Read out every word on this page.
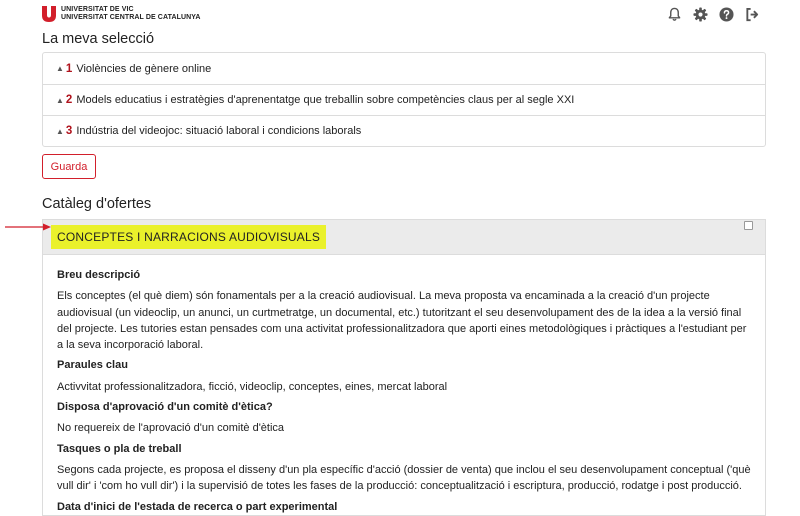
UNIVERSITAT DE VIC
UNIVERSITAT CENTRAL DE CATALUNYA
La meva selecció
▲︎ 1 Violències de gènere online
▲︎ 2 Models educatius i estratègies d'aprenentatge que treballin sobre competències claus per al segle XXI
▲︎ 3 Indústria del videojoc: situació laboral i condicions laborals
Guarda
Catàleg d'ofertes
CONCEPTES I NARRACIONS AUDIOVISUALS
Breu descripció

Els conceptes (el què diem) són fonamentals per a la creació audiovisual. La meva proposta va encaminada a la creació d'un projecte audiovisual (un videoclip, un anunci, un curtmetratge, un documental, etc.) tutoritzant el seu desenvolupament des de la idea a la versió final del projecte. Les tutories estan pensades com una activitat professionalitzadora que aporti eines metodològiques i pràctiques a l'estudiant per a la seva incorporació laboral.

Paraules clau

Activvitat professionalitzadora, ficció, videoclip, conceptes, eines, mercat laboral

Disposa d'aprovació d'un comitè d'ètica?

No requereix de l'aprovació d'un comitè d'ètica

Tasques o pla de treball

Segons cada projecte, es proposa el disseny d'un pla específic d'acció (dossier de venta) que inclou el seu desenvolupament conceptual ('què vull dir' i 'com ho vull dir') i la supervisió de totes les fases de la producció: conceptualització i escriptura, producció, rodatge i post producció.

Data d'inici de l'estada de recerca o part experimental
